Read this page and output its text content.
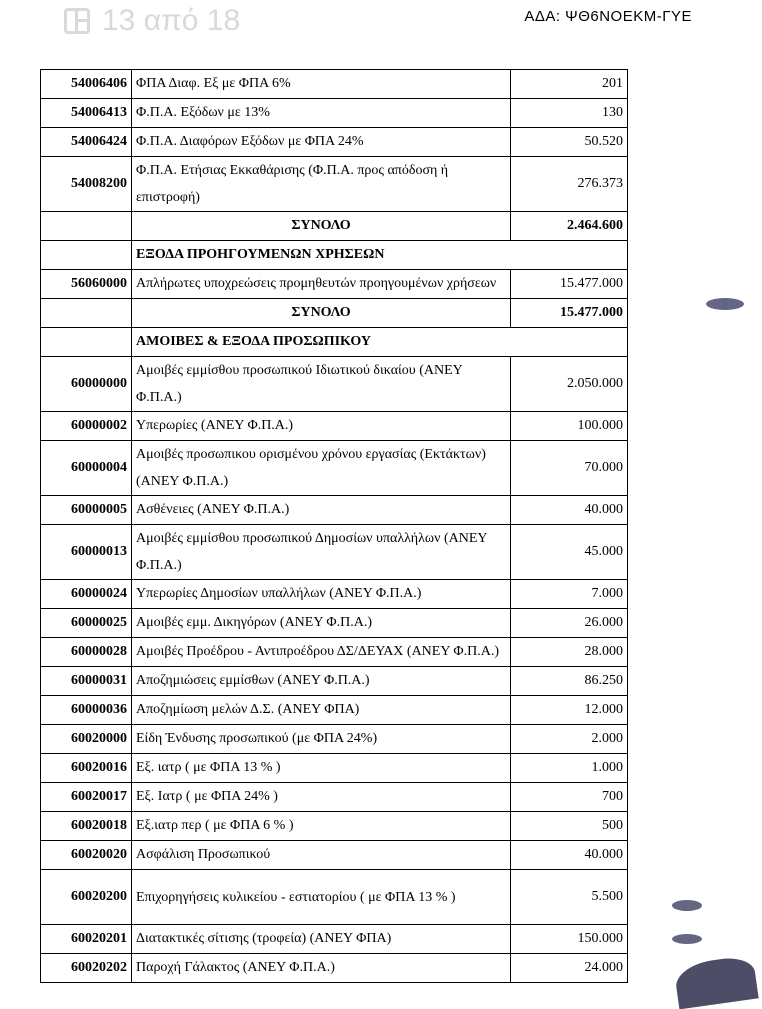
13 από 18	ΑΔΑ: ΨΘ6ΝΟΕΚΜ-ΓΥΕ
54006406	ΦΠΑ Διαφ. Εξ με ΦΠΑ 6%	201
54006413	Φ.Π.Α. Εξόδων με 13%	130
54006424	Φ.Π.Α. Διαφόρων Εξόδων με ΦΠΑ 24%	50.520
54008200	Φ.Π.Α. Ετήσιας Εκκαθάρισης (Φ.Π.Α. προς απόδοση ή επιστροφή)	276.373
	ΣΥΝΟΛΟ	2.464.600
	ΕΞΟΔΑ ΠΡΟΗΓΟΥΜΕΝΩΝ ΧΡΗΣΕΩΝ	
56060000	Απλήρωτες υποχρεώσεις προμηθευτών προηγουμένων χρήσεων	15.477.000
	ΣΥΝΟΛΟ	15.477.000
	ΑΜΟΙΒΕΣ & ΕΞΟΔΑ ΠΡΟΣΩΠΙΚΟΥ	
60000000	Αμοιβές εμμίσθου προσωπικού Ιδιωτικού δικαίου (ΑΝΕΥ Φ.Π.Α.)	2.050.000
60000002	Υπερωρίες (ΑΝΕΥ Φ.Π.Α.)	100.000
60000004	Αμοιβές προσωπικου ορισμένου χρόνου εργασίας (Εκτάκτων) (ΑΝΕΥ Φ.Π.Α.)	70.000
60000005	Ασθένειες (ΑΝΕΥ Φ.Π.Α.)	40.000
60000013	Αμοιβές εμμίσθου προσωπικού Δημοσίων υπαλλήλων (ΑΝΕΥ Φ.Π.Α.)	45.000
60000024	Υπερωρίες Δημοσίων υπαλλήλων (ΑΝΕΥ Φ.Π.Α.)	7.000
60000025	Αμοιβές εμμ. Δικηγόρων (ΑΝΕΥ Φ.Π.Α.)	26.000
60000028	Αμοιβές Προέδρου - Αντιπροέδρου ΔΣ/ΔΕΥΑΧ (ΑΝΕΥ Φ.Π.Α.)	28.000
60000031	Αποζημιώσεις εμμίσθων (ΑΝΕΥ Φ.Π.Α.)	86.250
60000036	Αποζημίωση μελών Δ.Σ. (ΑΝΕΥ ΦΠΑ)	12.000
60020000	Είδη Ένδυσης προσωπικού (με ΦΠΑ 24%)	2.000
60020016	Εξ. ιατρ ( με ΦΠΑ 13 % )	1.000
60020017	Εξ. Ιατρ ( με ΦΠΑ 24% )	700
60020018	Εξ.ιατρ περ ( με ΦΠΑ 6 % )	500
60020020	Ασφάλιση Προσωπικού	40.000
60020200	Επιχορηγήσεις κυλικείου - εστιατορίου ( με ΦΠΑ 13 % )	5.500
60020201	Διατακτικές σίτισης (τροφεία) (ΑΝΕΥ ΦΠΑ)	150.000
60020202	Παροχή Γάλακτος (ΑΝΕΥ Φ.Π.Α.)	24.000
